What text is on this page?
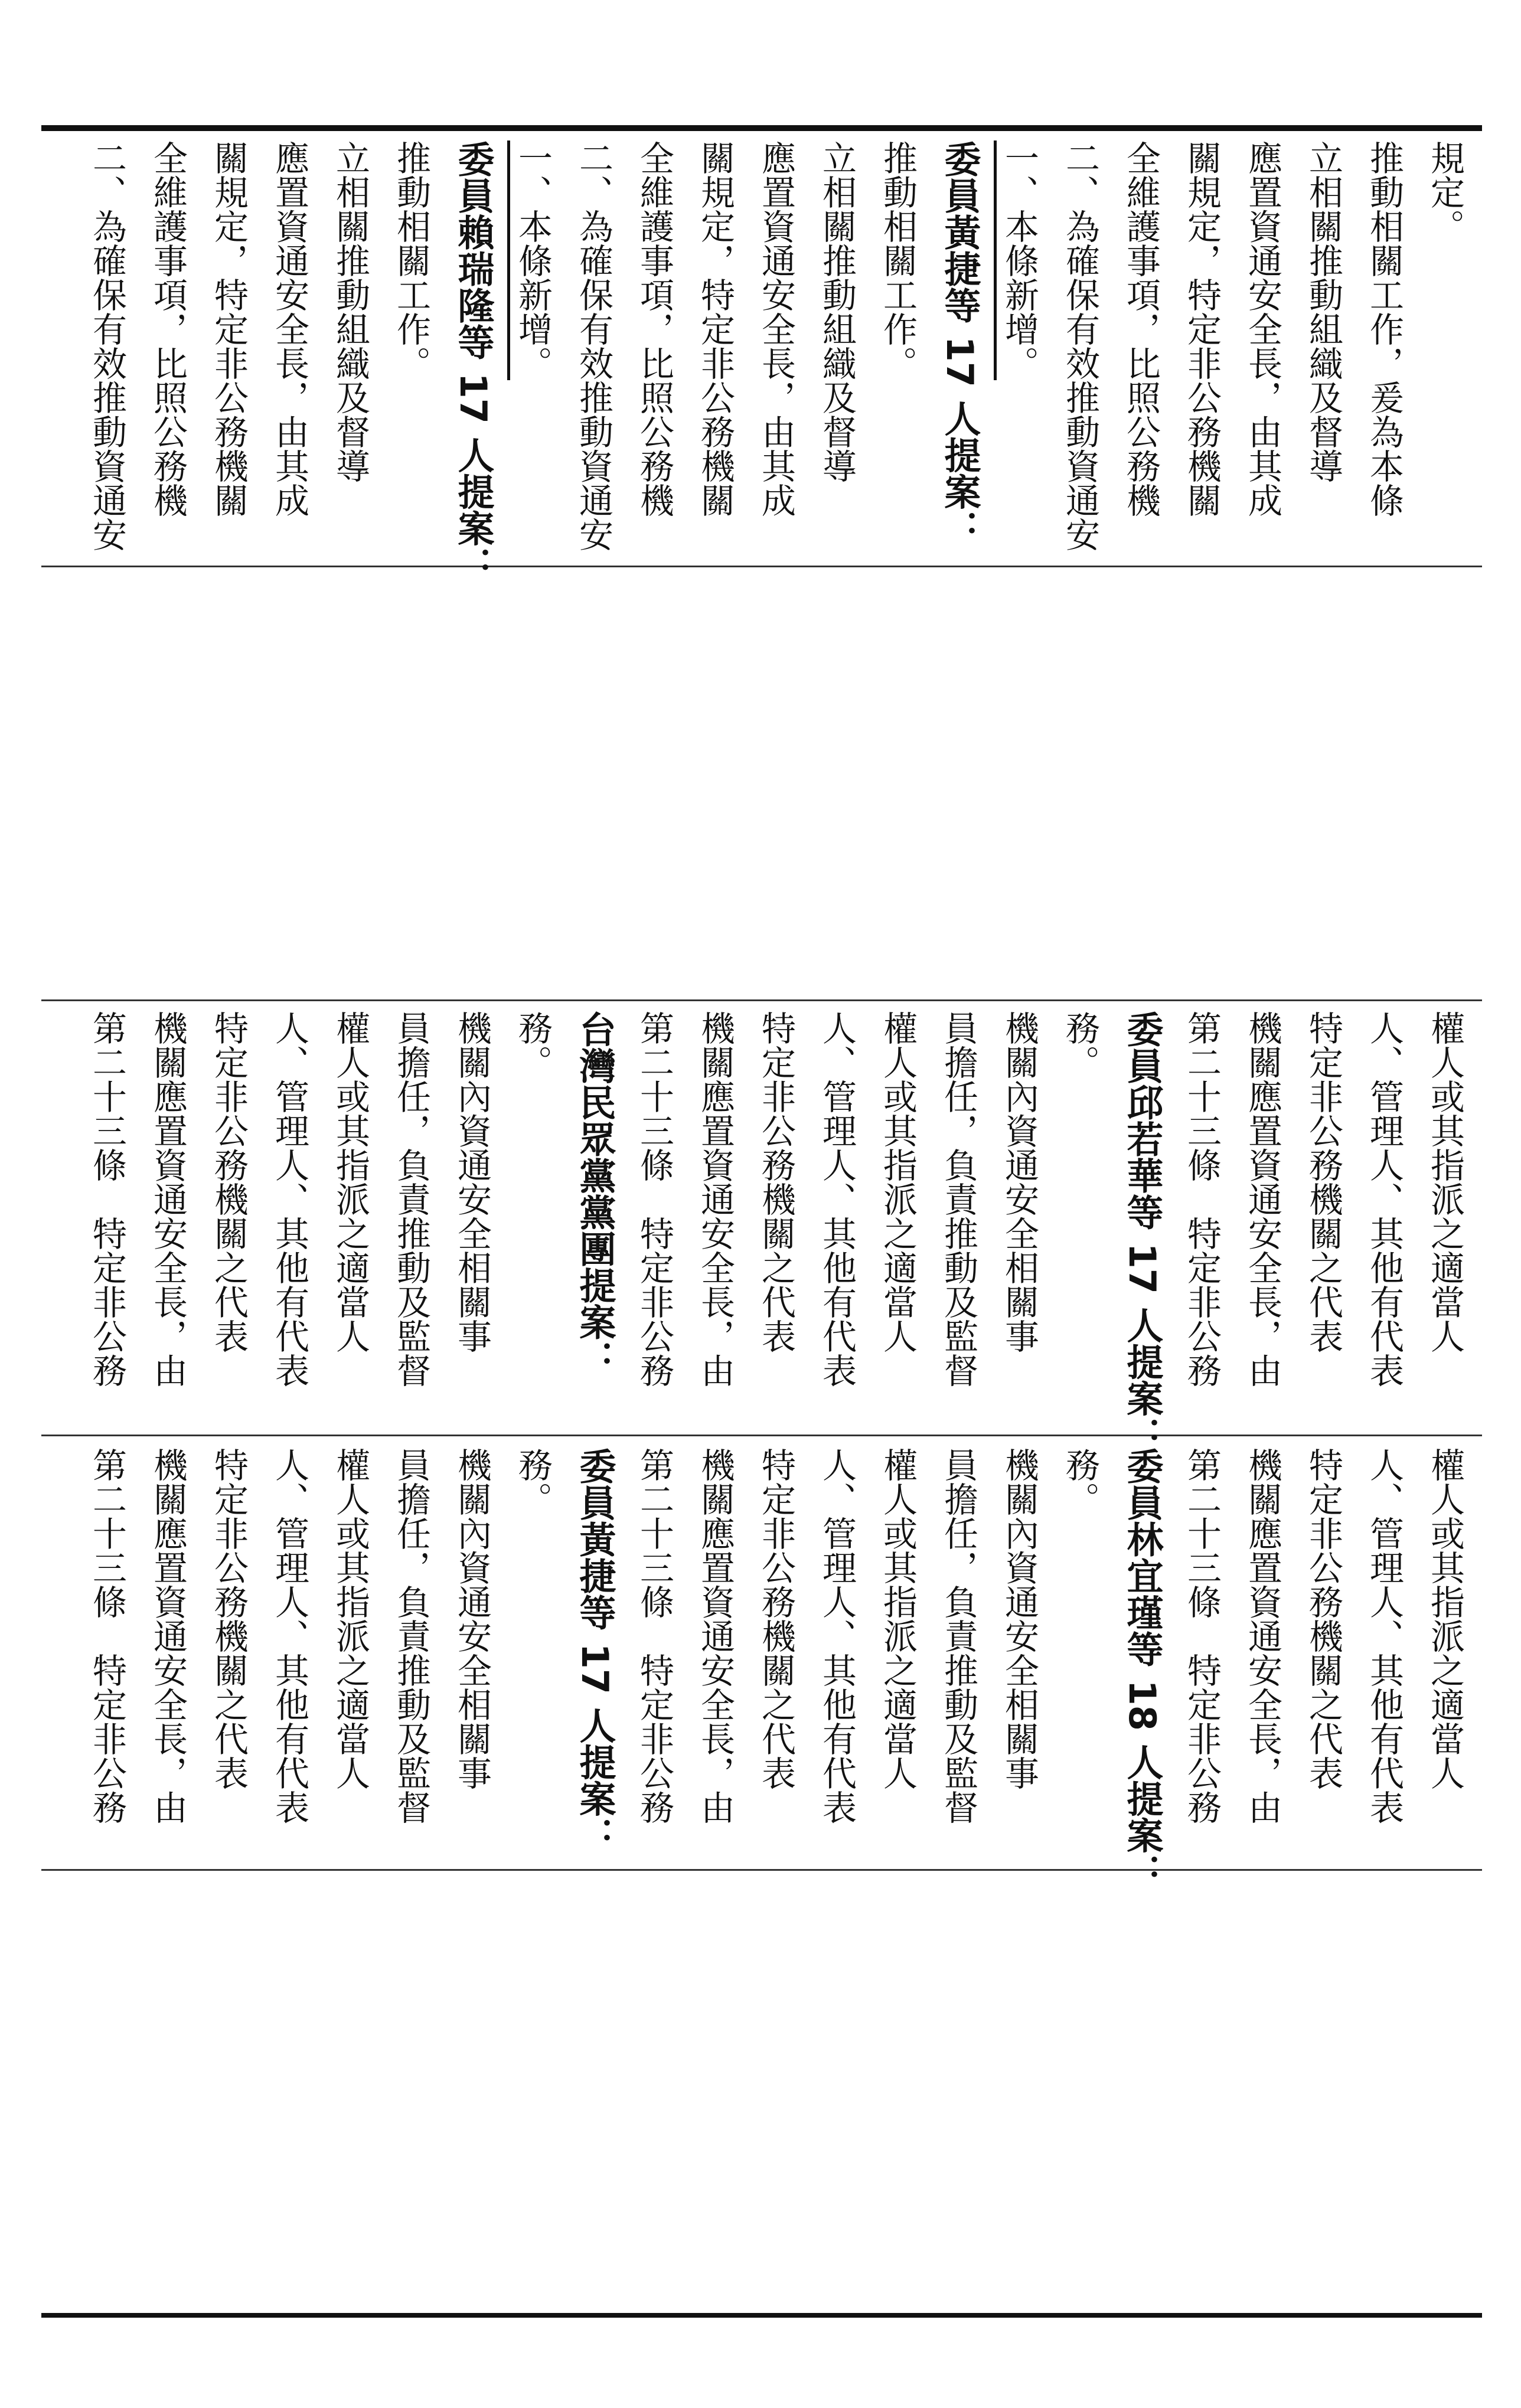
二、為確保有效推動資通安 全維護事項，比照公務機 關規定，特定非公務機關 應置資通安全長，由其成 立相關推動組織及督導 推動相關工作。 委員賴瑞隆等 17 人提案： 一、本條新增。 二、為確保有效推動資通安 全維護事項，比照公務機 關規定，特定非公務機關 應置資通安全長，由其成 立相關推動組織及督導 推動相關工作。 委員黃捷等 17 人提案： 一、本條新增。 二、為確保有效推動資通安 全維護事項，比照公務機 關規定，特定非公務機關 應置資通安全長，由其成 立相關推動組織及督導 推動相關工作，爰為本條 規定。
第二十三條　特定非公務 機關應置資通安全長，由 特定非公務機關之代表 人、管理人、其他有代表 權人或其指派之適當人 員擔任，負責推動及監督 機關內資通安全相關事 務。 台灣民眾黨黨團提案： 第二十三條　特定非公務 機關應置資通安全長，由 特定非公務機關之代表 人、管理人、其他有代表 權人或其指派之適當人 員擔任，負責推動及監督 機關內資通安全相關事 務。 委員邱若華等 17 人提案： 第二十三條　特定非公務 機關應置資通安全長，由 特定非公務機關之代表 人、管理人、其他有代表 權人或其指派之適當人
第二十三條　特定非公務 機關應置資通安全長，由 特定非公務機關之代表 人、管理人、其他有代表 權人或其指派之適當人 員擔任，負責推動及監督 機關內資通安全相關事 務。 委員黃捷等 17 人提案： 第二十三條　特定非公務 機關應置資通安全長，由 特定非公務機關之代表 人、管理人、其他有代表 權人或其指派之適當人 員擔任，負責推動及監督 機關內資通安全相關事 務。 委員林宜瑾等 18 人提案： 第二十三條　特定非公務 機關應置資通安全長，由 特定非公務機關之代表 人、管理人、其他有代表 權人或其指派之適當人
